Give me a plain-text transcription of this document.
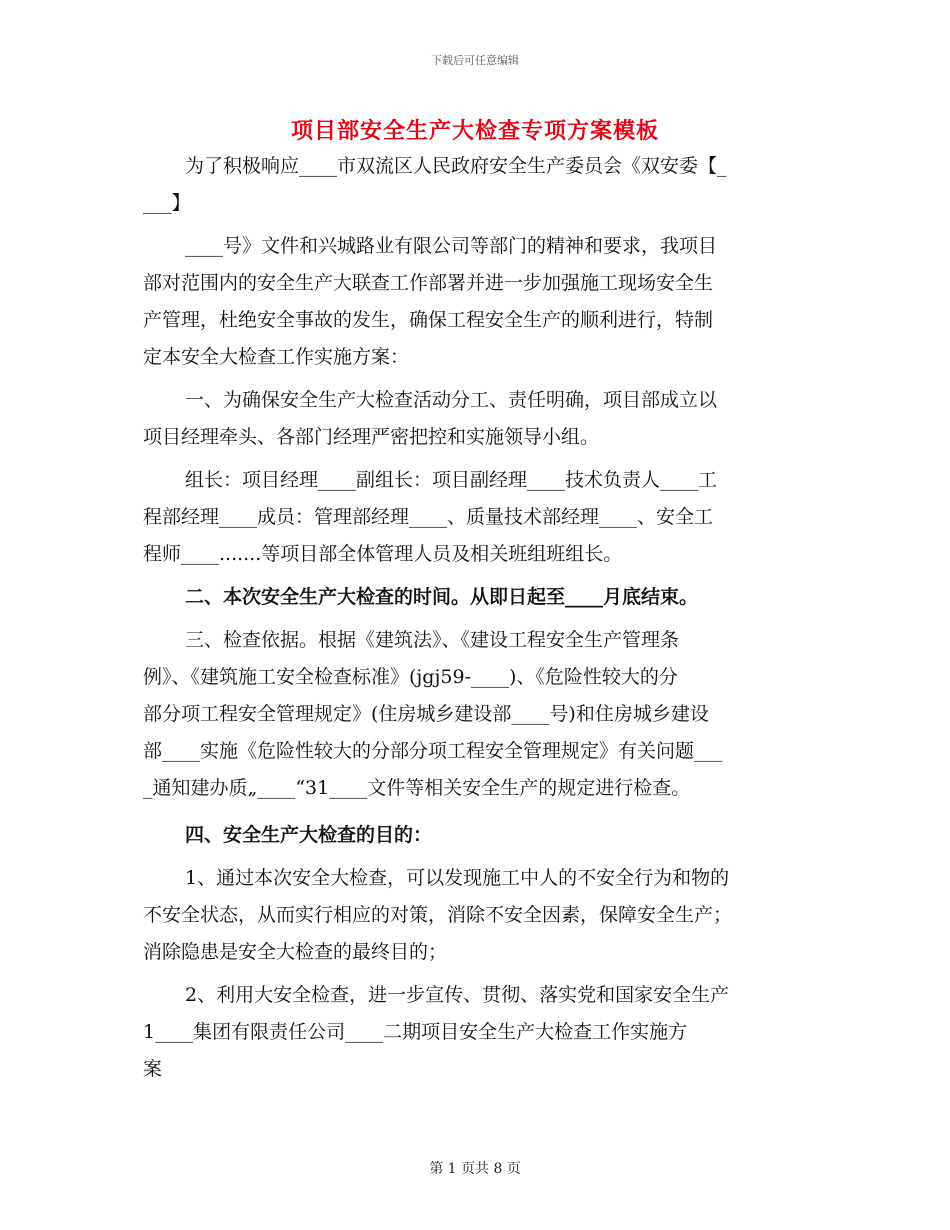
下载后可任意编辑
项目部安全生产大检查专项方案模板
为了积极响应____市双流区人民政府安全生产委员会《双安委【_
___】
____号》文件和兴城路业有限公司等部门的精神和要求，我项目
部对范围内的安全生产大联查工作部署并进一步加强施工现场安全生
产管理，杜绝安全事故的发生，确保工程安全生产的顺利进行，特制
定本安全大检查工作实施方案：
一、为确保安全生产大检查活动分工、责任明确，项目部成立以
项目经理牵头、各部门经理严密把控和实施领导小组。
组长：项目经理____副组长：项目副经理____技术负责人____工
程部经理____成员：管理部经理____、质量技术部经理____、安全工
程师____.......等项目部全体管理人员及相关班组班组长。
二、本次安全生产大检查的时间。从即日起至____月底结束。
三、检查依据。根据《建筑法》、《建设工程安全生产管理条
例》、《建筑施工安全检查标准》(jgj59-____)、《危险性较大的分
部分项工程安全管理规定》(住房城乡建设部____号)和住房城乡建设
部____实施《危险性较大的分部分项工程安全管理规定》有关问题___
_通知建办质„____“31____文件等相关安全生产的规定进行检查。
四、安全生产大检查的目的：
1、通过本次安全大检查，可以发现施工中人的不安全行为和物的
不安全状态，从而实行相应的对策，消除不安全因素，保障安全生产；
消除隐患是安全大检查的最终目的；
2、利用大安全检查，进一步宣传、贯彻、落实党和国家安全生产
1____集团有限责任公司____二期项目安全生产大检查工作实施方
案
第 1 页共 8 页
